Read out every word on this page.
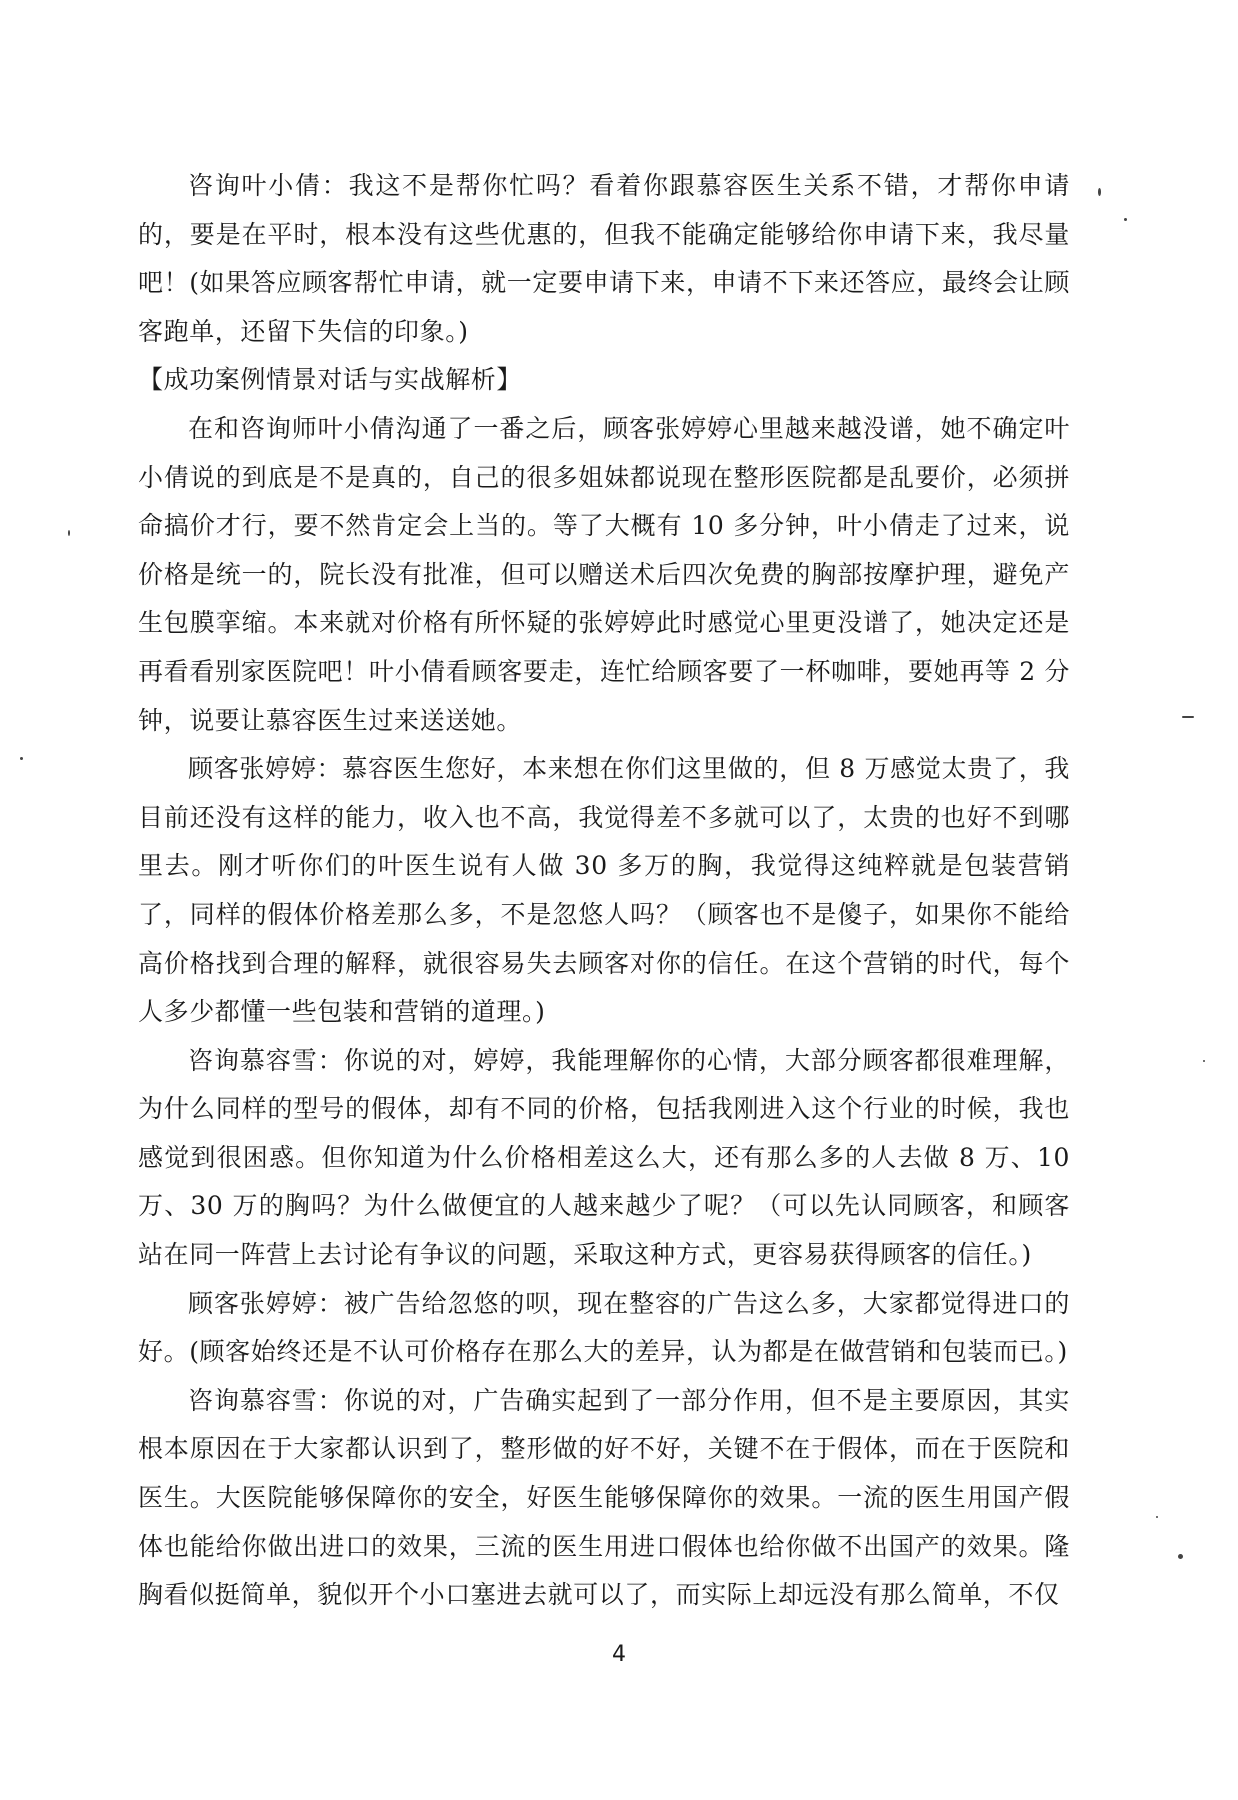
咨询叶小倩：我这不是帮你忙吗？看着你跟慕容医生关系不错，才帮你申请的，要是在平时，根本没有这些优惠的，但我不能确定能够给你申请下来，我尽量吧！(如果答应顾客帮忙申请，就一定要申请下来，申请不下来还答应，最终会让顾客跑单，还留下失信的印象。)

【成功案例情景对话与实战解析】

在和咨询师叶小倩沟通了一番之后，顾客张婷婷心里越来越没谱，她不确定叶小倩说的到底是不是真的，自己的很多姐妹都说现在整形医院都是乱要价，必须拼命搞价才行，要不然肯定会上当的。等了大概有 10 多分钟，叶小倩走了过来，说价格是统一的，院长没有批准，但可以赠送术后四次免费的胸部按摩护理，避免产生包膜挛缩。本来就对价格有所怀疑的张婷婷此时感觉心里更没谱了，她决定还是再看看别家医院吧！叶小倩看顾客要走，连忙给顾客要了一杯咖啡，要她再等 2 分钟，说要让慕容医生过来送送她。

顾客张婷婷：慕容医生您好，本来想在你们这里做的，但 8 万感觉太贵了，我目前还没有这样的能力，收入也不高，我觉得差不多就可以了，太贵的也好不到哪里去。刚才听你们的叶医生说有人做 30 多万的胸，我觉得这纯粹就是包装营销了，同样的假体价格差那么多，不是忽悠人吗？（顾客也不是傻子，如果你不能给高价格找到合理的解释，就很容易失去顾客对你的信任。在这个营销的时代，每个人多少都懂一些包装和营销的道理。)

咨询慕容雪：你说的对，婷婷，我能理解你的心情，大部分顾客都很难理解，为什么同样的型号的假体，却有不同的价格，包括我刚进入这个行业的时候，我也感觉到很困惑。但你知道为什么价格相差这么大，还有那么多的人去做 8 万、10 万、30 万的胸吗？为什么做便宜的人越来越少了呢？（可以先认同顾客，和顾客站在同一阵营上去讨论有争议的问题，采取这种方式，更容易获得顾客的信任。)

顾客张婷婷：被广告给忽悠的呗，现在整容的广告这么多，大家都觉得进口的好。(顾客始终还是不认可价格存在那么大的差异，认为都是在做营销和包装而已。)

咨询慕容雪：你说的对，广告确实起到了一部分作用，但不是主要原因，其实根本原因在于大家都认识到了，整形做的好不好，关键不在于假体，而在于医院和医生。大医院能够保障你的安全，好医生能够保障你的效果。一流的医生用国产假体也能给你做出进口的效果，三流的医生用进口假体也给你做不出国产的效果。隆胸看似挺简单，貌似开个小口塞进去就可以了，而实际上却远没有那么简单，不仅

4
